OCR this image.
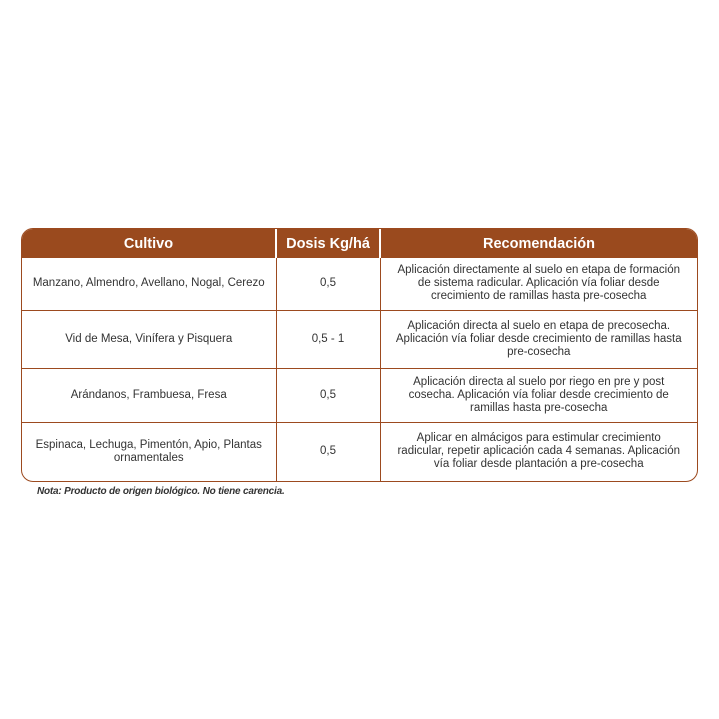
Cultivo	Dosis Kg/há	Recomendación
Manzano, Almendro, Avellano, Nogal, Cerezo	0,5	Aplicación directamente al suelo en etapa de formación de sistema radicular. Aplicación vía foliar desde crecimiento de ramillas hasta pre-cosecha
Vid de Mesa, Vinífera y Pisquera	0,5 - 1	Aplicación directa al suelo en etapa de precosecha. Aplicación vía foliar desde crecimiento de ramillas hasta pre-cosecha
Arándanos, Frambuesa, Fresa	0,5	Aplicación directa al suelo por riego en pre y post cosecha. Aplicación vía foliar desde crecimiento de ramillas hasta pre-cosecha
Espinaca, Lechuga, Pimentón, Apio, Plantas ornamentales	0,5	Aplicar en almácigos para estimular crecimiento radicular, repetir aplicación cada 4 semanas. Aplicación vía foliar desde plantación a pre-cosecha
Nota: Producto de origen biológico. No tiene carencia.
